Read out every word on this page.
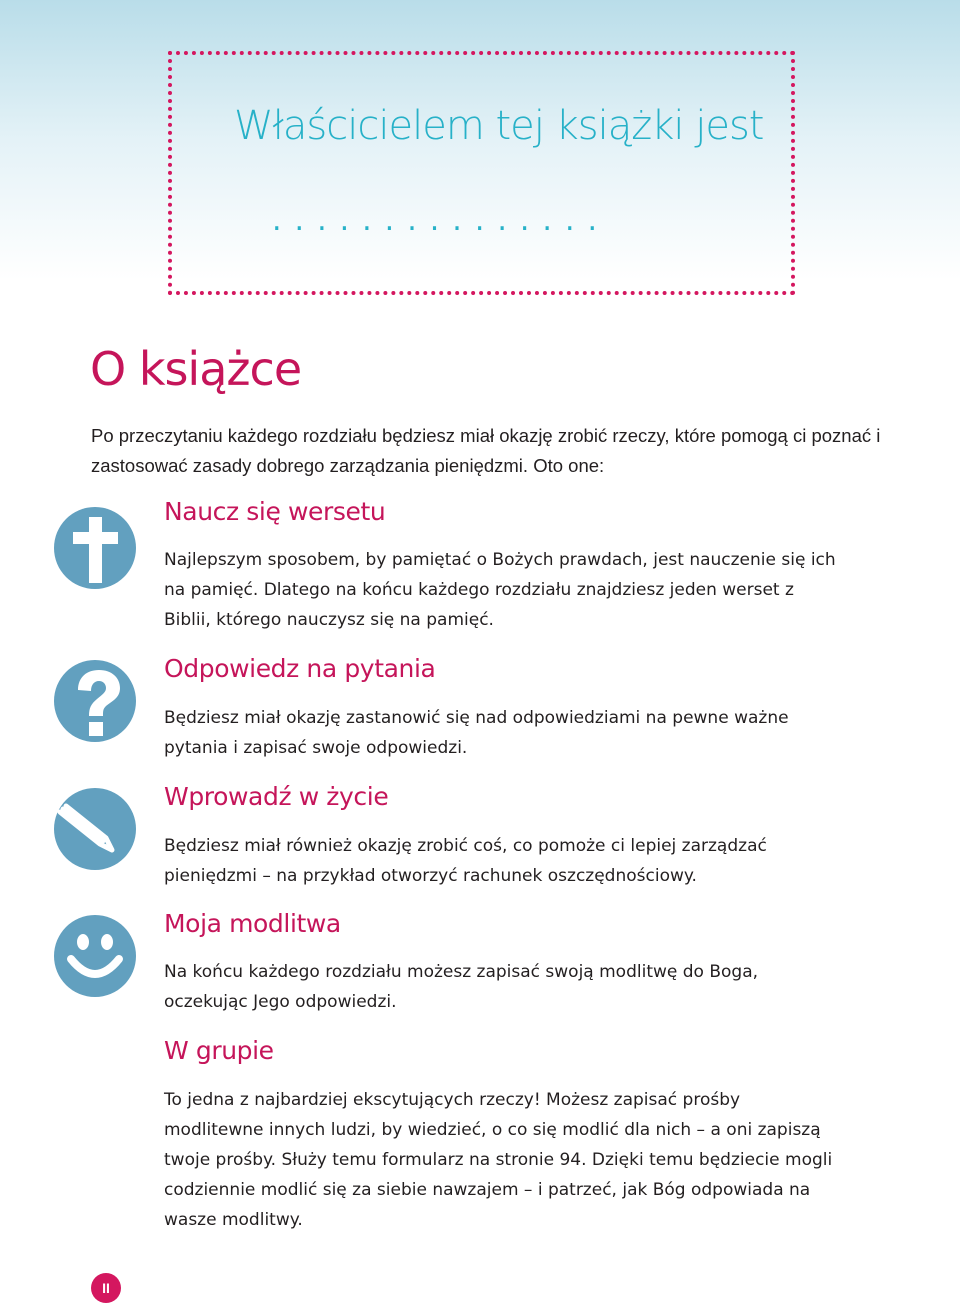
Właścicielem tej książki jest
...............
O książce

Po przeczytaniu każdego rozdziału będziesz miał okazję zrobić rzeczy, które pomogą ci poznać i zastosować zasady dobrego zarządzania pieniędzmi. Oto one:

Naucz się wersetu

Najlepszym sposobem, by pamiętać o Bożych prawdach, jest nauczenie się ich na pamięć. Dlatego na końcu każdego rozdziału znajdziesz jeden werset z Biblii, którego nauczysz się na pamięć.

Odpowiedz na pytania

Będziesz miał okazję zastanowić się nad odpowiedziami na pewne ważne pytania i zapisać swoje odpowiedzi.

Wprowadź w życie

Będziesz miał również okazję zrobić coś, co pomoże ci lepiej zarządzać pieniędzmi – na przykład otworzyć rachunek oszczędnościowy.

Moja modlitwa

Na końcu każdego rozdziału możesz zapisać swoją modlitwę do Boga, oczekując Jego odpowiedzi.

W grupie

To jedna z najbardziej ekscytujących rzeczy! Możesz zapisać prośby modlitewne innych ludzi, by wiedzieć, o co się modlić dla nich – a oni zapiszą twoje prośby. Służy temu formularz na stronie 94. Dzięki temu będziecie mogli codziennie modlić się za siebie nawzajem – i patrzeć, jak Bóg odpowiada na wasze modlitwy.

II
